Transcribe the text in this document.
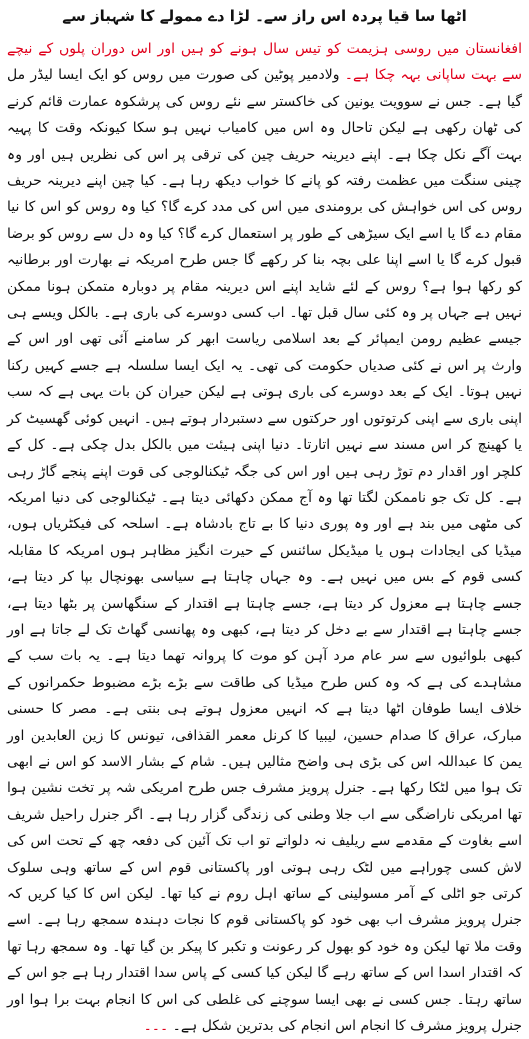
اٹھا سا قیا پردہ اس راز سے۔ لڑا دے ممولے کا شہباز سے

افغانستان میں روسی ہزیمت کو تیس سال ہونے کو ہیں اور اس دوران پلوں کے نیچے سے بہت ساپانی بہہ چکا ہے۔ ولادمیر پوٹین کی صورت میں روس کو ایک ایسا لیڈر مل گیا ہے۔ جس نے سوویت یونین کی خاکستر سے نئے روس کی پرشکوہ عمارت قائم کرنے کی ٹھان رکھی ہے لیکن تاحال وہ اس میں کامیاب نہیں ہو سکا کیونکہ وقت کا پہیہ بہت آگے نکل چکا ہے۔ اپنے دیرینہ حریف چین کی ترقی پر اس کی نظریں ہیں اور وہ چینی سنگت میں عظمت رفتہ کو پانے کا خواب دیکھ رہا ہے۔ کیا چین اپنے دیرینہ حریف روس کی اس خواہش کی برومندی میں اس کی مدد کرے گا؟ کیا وہ روس کو اس کا نیا مقام دے گا یا اسے ایک سیڑھی کے طور پر استعمال کرے گا؟ کیا وہ دل سے روس کو برضا قبول کرے گا یا اسے اپنا علی بچہ بنا کر رکھے گا جس طرح امریکہ نے بھارت اور برطانیہ کو رکھا ہوا ہے؟ روس کے لئے شاید اپنے اس دیرینہ مقام پر دوبارہ متمکن ہونا ممکن نہیں ہے جہاں پر وہ کئی سال قبل تھا۔ اب کسی دوسرے کی باری ہے۔ بالکل ویسے ہی جیسے عظیم رومن ایمپائر کے بعد اسلامی ریاست ابھر کر سامنے آئی تھی اور اس کے وارث پر اس نے کئی صدیاں حکومت کی تھی۔ یہ ایک ایسا سلسلہ ہے جسے کہیں رکنا نہیں ہوتا۔ ایک کے بعد دوسرے کی باری ہوتی ہے لیکن حیران کن بات یہی ہے کہ سب اپنی باری سے اپنی کرتوتوں اور حرکتوں سے دستبردار ہوتے ہیں۔ انہیں کوئی گھسیٹ کر یا کھینچ کر اس مسند سے نہیں اتارتا۔ دنیا اپنی ہیئت میں بالکل بدل چکی ہے۔ کل کے کلچر اور اقدار دم توڑ رہی ہیں اور اس کی جگہ ٹیکنالوجی کی قوت اپنے پنجے گاڑ رہی ہے۔ کل تک جو ناممکن لگتا تھا وہ آج ممکن دکھائی دیتا ہے۔ ٹیکنالوجی کی دنیا امریکہ کی مٹھی میں بند ہے اور وہ پوری دنیا کا بے تاج بادشاہ ہے۔ اسلحہ کی فیکٹریاں ہوں، میڈیا کی ایجادات ہوں یا میڈیکل سائنس کے حیرت انگیز مظاہر ہوں امریکہ کا مقابلہ کسی قوم کے بس میں نہیں ہے۔ وہ جہاں چاہتا ہے سیاسی بھونچال بپا کر دیتا ہے، جسے چاہتا ہے معزول کر دیتا ہے، جسے چاہتا ہے اقتدار کے سنگھاسن پر بٹھا دیتا ہے، جسے چاہتا ہے اقتدار سے بے دخل کر دیتا ہے، کبھی وہ پھانسی گھاٹ تک لے جاتا ہے اور کبھی بلوائیوں سے سر عام مرد آہن کو موت کا پروانہ تھما دیتا ہے۔ یہ بات سب کے مشاہدے کی ہے کہ وہ کس طرح میڈیا کی طاقت سے بڑے بڑے مضبوط حکمرانوں کے خلاف ایسا طوفان اٹھا دیتا ہے کہ انہیں معزول ہوتے ہی بنتی ہے۔ مصر کا حسنی مبارک، عراق کا صدام حسین، لیبیا کا کرنل معمر القذافی، تیونس کا زین العابدین اور یمن کا عبداللہ اس کی بڑی ہی واضح مثالیں ہیں۔ شام کے بشار الاسد کو اس نے ابھی تک ہوا میں لٹکا رکھا ہے۔ جنرل پرویز مشرف جس طرح امریکی شہ پر تخت نشین ہوا تھا امریکی ناراضگی سے اب جلا وطنی کی زندگی گزار رہا ہے۔ اگر جنرل راحیل شریف اسے بغاوت کے مقدمے سے ریلیف نہ دلواتے تو اب تک آئین کی دفعہ چھ کے تحت اس کی لاش کسی چوراہے میں لٹک رہی ہوتی اور پاکستانی قوم اس کے ساتھ وہی سلوک کرتی جو اٹلی کے آمر مسولینی کے ساتھ اہل روم نے کیا تھا۔ لیکن اس کا کیا کریں کہ جنرل پرویز مشرف اب بھی خود کو پاکستانی قوم کا نجات دہندہ سمجھ رہا ہے۔ اسے وقت ملا تھا لیکن وہ خود کو بھول کر رعونت و تکبر کا پیکر بن گیا تھا۔ وہ سمجھ رہا تھا کہ اقتدار اسدا اس کے ساتھ رہے گا لیکن کیا کسی کے پاس سدا اقتدار رہا ہے جو اس کے ساتھ رہتا۔ جس کسی نے بھی ایسا سوچنے کی غلطی کی اس کا انجام بہت برا ہوا اور جنرل پرویز مشرف کا انجام اس انجام کی بدترین شکل ہے۔ ۔۔۔
